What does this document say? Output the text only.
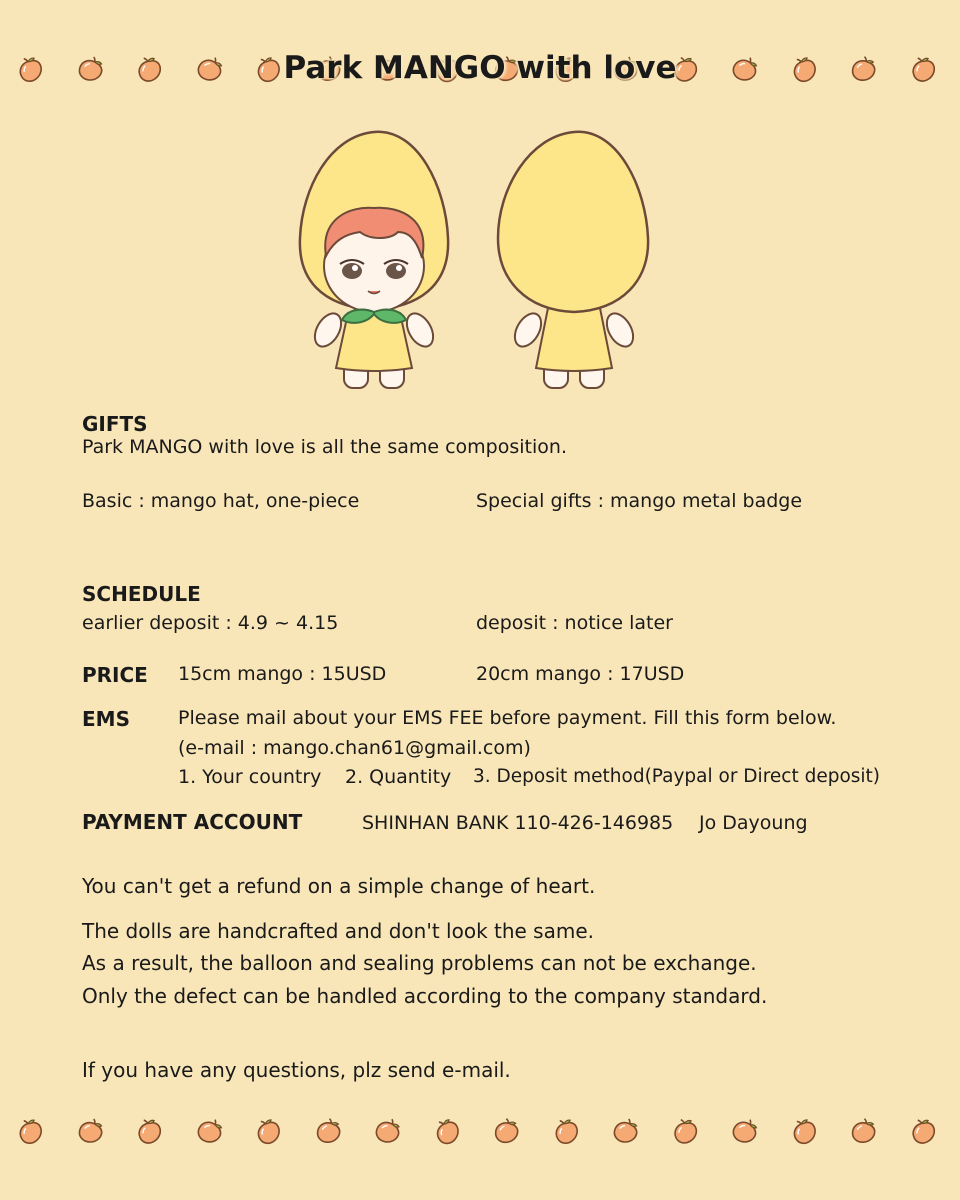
Park MANGO with love
GIFTS
Park MANGO with love is all the same composition.
Basic : mango hat, one-piece	Special gifts : mango metal badge
SCHEDULE
earlier deposit : 4.9 ~ 4.15	deposit : notice later
PRICE 15cm mango : 15USD	20cm mango : 17USD
EMS	Please mail about your EMS FEE before payment. Fill this form below.
(e-mail : mango.chan61@gmail.com)
1. Your country 2. Quantity 3. Deposit method(Paypal or Direct deposit)
PAYMENT ACCOUNT	SHINHAN BANK 110-426-146985 Jo Dayoung
You can't get a refund on a simple change of heart.
The dolls are handcrafted and don't look the same.
As a result, the balloon and sealing problems can not be exchange.
Only the defect can be handled according to the company standard.
If you have any questions, plz send e-mail.
